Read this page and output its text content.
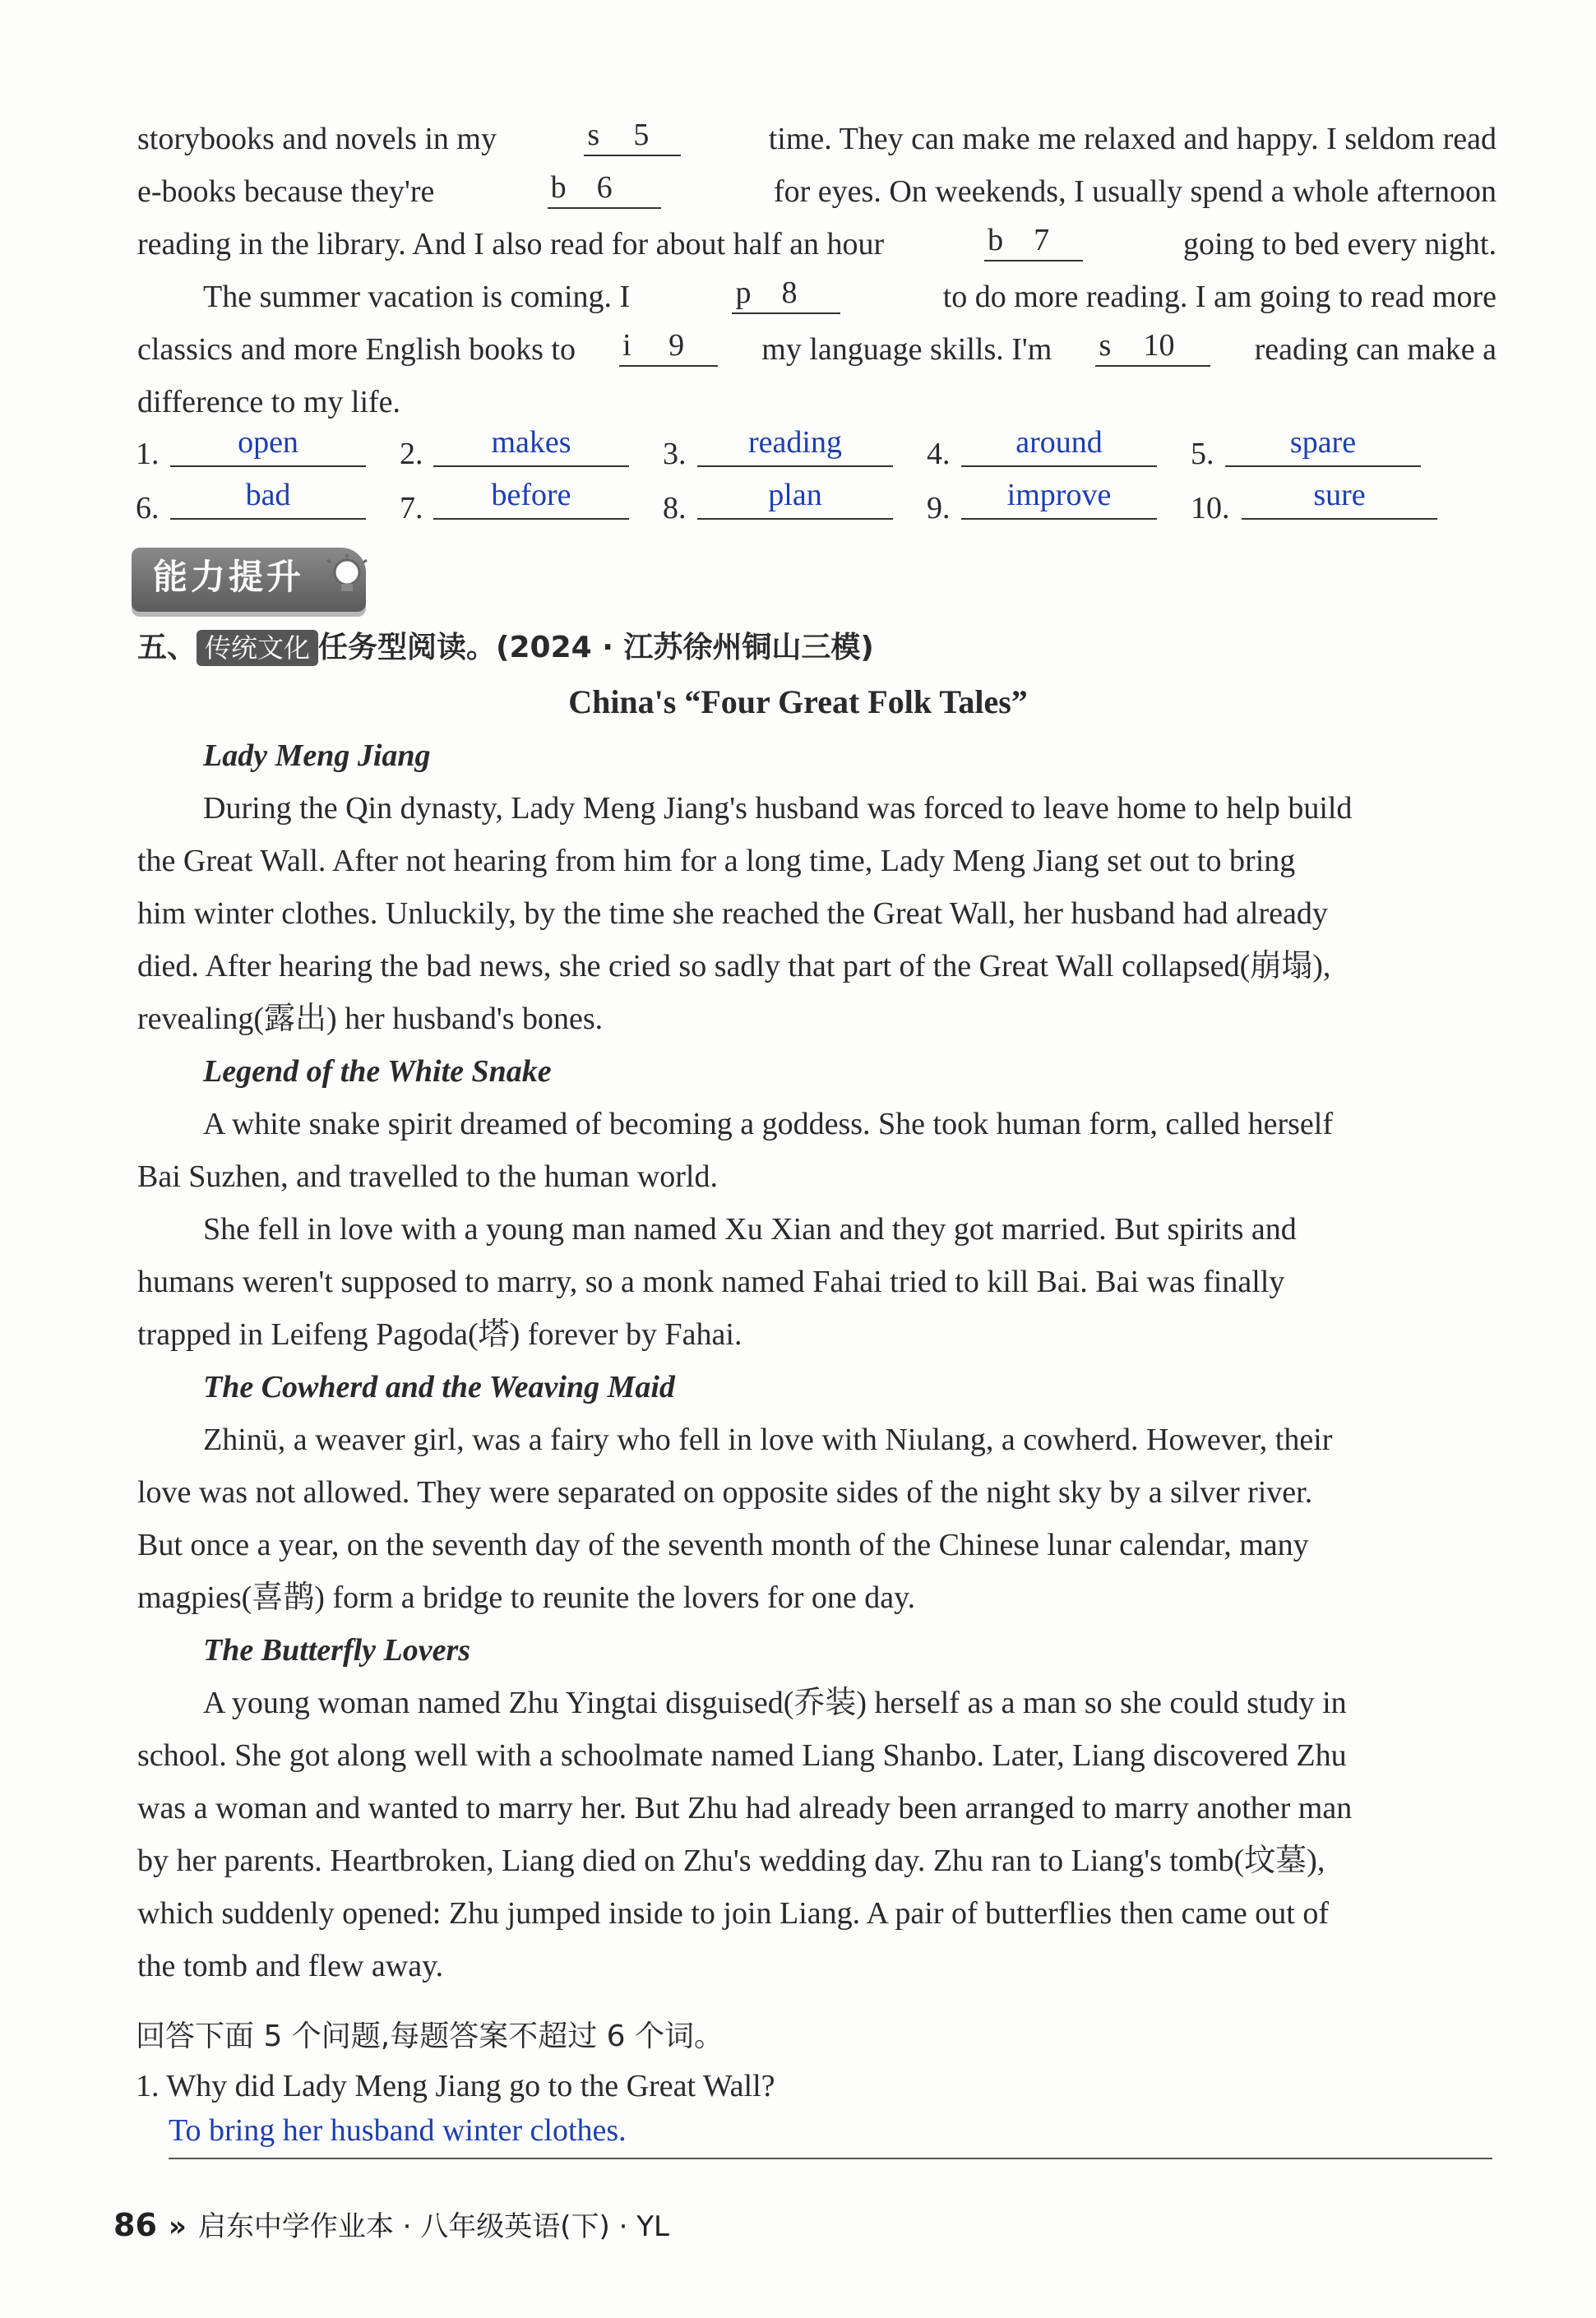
storybooks and novels in my	s 5	time. They can make me relaxed and happy. I seldom read
e-books because they're	b 6	for eyes. On weekends, I usually spend a whole afternoon
reading in the library. And I also read for about half an hour	b 7	going to bed every night.
The summer vacation is coming. I	p 8	to do more reading. I am going to read more
classics and more English books to i 9 my language skills. I'm s 10	reading can make a
difference to my life.
1.	open	2.	makes	3.	reading	4.	around	5.	spare
6.	bad	7.	before	8.	plan	9.	improve	10.	sure
能力提升
五、 传统文化 任务型阅读。(2024 · 江苏徐州铜山三模)
China's “Four Great Folk Tales”
Lady Meng Jiang
During the Qin dynasty, Lady Meng Jiang's husband was forced to leave home to help build
the Great Wall. After not hearing from him for a long time, Lady Meng Jiang set out to bring
him winter clothes. Unluckily, by the time she reached the Great Wall, her husband had already
died. After hearing the bad news, she cried so sadly that part of the Great Wall collapsed(崩塌),
revealing(露出) her husband's bones.
Legend of the White Snake
A white snake spirit dreamed of becoming a goddess. She took human form, called herself
Bai Suzhen, and travelled to the human world.
She fell in love with a young man named Xu Xian and they got married. But spirits and
humans weren't supposed to marry, so a monk named Fahai tried to kill Bai. Bai was finally
trapped in Leifeng Pagoda(塔) forever by Fahai.
The Cowherd and the Weaving Maid
Zhinü, a weaver girl, was a fairy who fell in love with Niulang, a cowherd. However, their
love was not allowed. They were separated on opposite sides of the night sky by a silver river.
But once a year, on the seventh day of the seventh month of the Chinese lunar calendar, many
magpies(喜鹊) form a bridge to reunite the lovers for one day.
The Butterfly Lovers
A young woman named Zhu Yingtai disguised(乔装) herself as a man so she could study in
school. She got along well with a schoolmate named Liang Shanbo. Later, Liang discovered Zhu
was a woman and wanted to marry her. But Zhu had already been arranged to marry another man
by her parents. Heartbroken, Liang died on Zhu's wedding day. Zhu ran to Liang's tomb(坟墓),
which suddenly opened: Zhu jumped inside to join Liang. A pair of butterflies then came out of
the tomb and flew away.
回答下面 5 个问题,每题答案不超过 6 个词。
1. Why did Lady Meng Jiang go to the Great Wall?
To bring her husband winter clothes.
86 » 启东中学作业本 · 八年级英语(下) · YL
